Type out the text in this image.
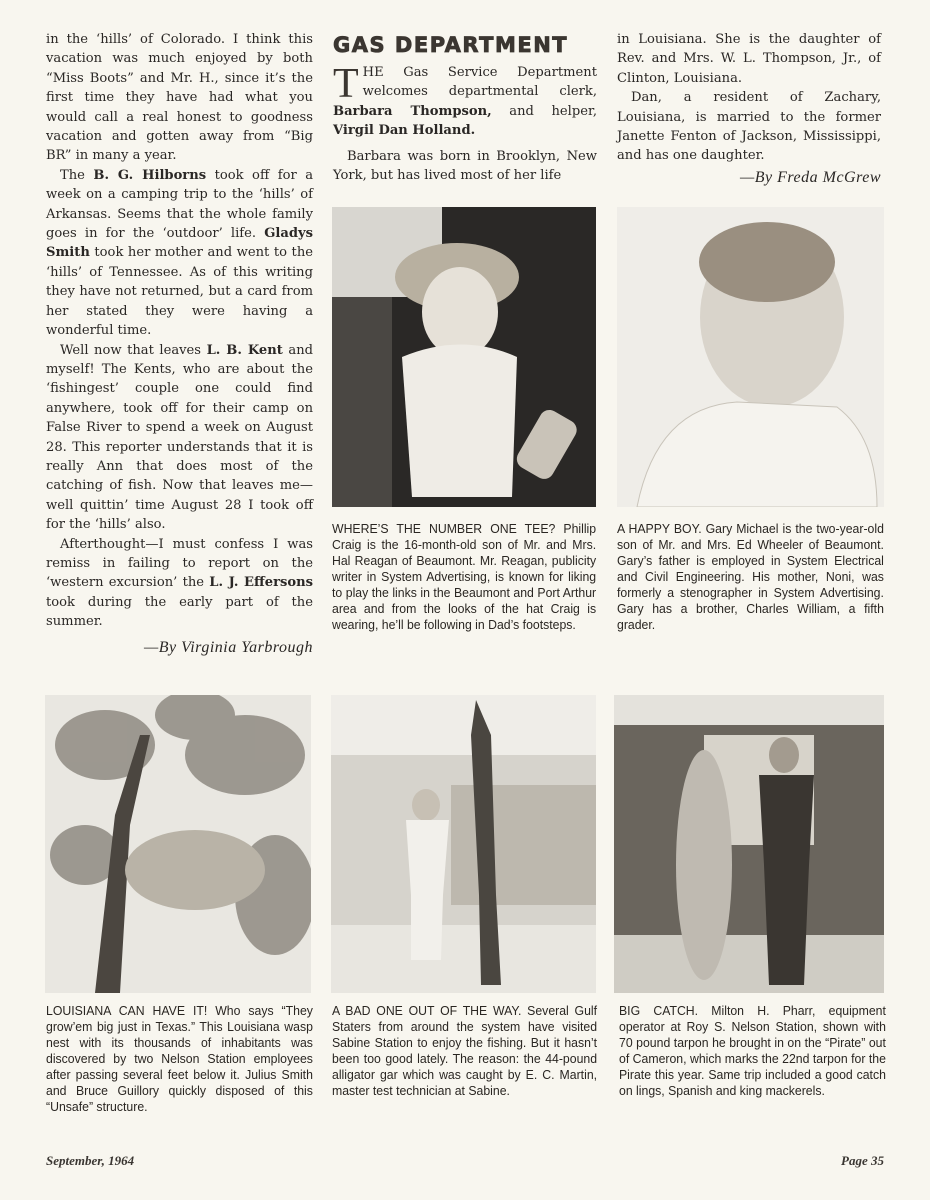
in the ‘hills’ of Colorado. I think this vacation was much enjoyed by both “Miss Boots” and Mr. H., since it’s the first time they have had what you would call a real honest to goodness vacation and gotten away from “Big BR” in many a year.

The B. G. Hilborns took off for a week on a camping trip to the ‘hills’ of Arkansas. Seems that the whole family goes in for the ‘outdoor’ life. Gladys Smith took her mother and went to the ‘hills’ of Tennessee. As of this writing they have not returned, but a card from her stated they were having a wonderful time.

Well now that leaves L. B. Kent and myself! The Kents, who are about the ‘fishingest’ couple one could find anywhere, took off for their camp on False River to spend a week on August 28. This reporter understands that it is really Ann that does most of the catching of fish. Now that leaves me—well quittin’ time August 28 I took off for the ‘hills’ also.

Afterthought—I must confess I was remiss in failing to report on the ‘western excursion’ the L. J. Effersons took during the early part of the summer.

—By Virginia Yarbrough
GAS DEPARTMENT

THE Gas Service Department welcomes departmental clerk, Barbara Thompson, and helper, Virgil Dan Holland.

Barbara was born in Brooklyn, New York, but has lived most of her life

in Louisiana. She is the daughter of Rev. and Mrs. W. L. Thompson, Jr., of Clinton, Louisiana.

Dan, a resident of Zachary, Louisiana, is married to the former Janette Fenton of Jackson, Mississippi, and has one daughter.

—By Freda McGrew
WHERE’S THE NUMBER ONE TEE? Phillip Craig is the 16-month-old son of Mr. and Mrs. Hal Reagan of Beaumont. Mr. Reagan, publicity writer in System Advertising, is known for liking to play the links in the Beaumont and Port Arthur area and from the looks of the hat Craig is wearing, he’ll be following in Dad’s footsteps.
A HAPPY BOY. Gary Michael is the two-year-old son of Mr. and Mrs. Ed Wheeler of Beaumont. Gary’s father is employed in System Electrical and Civil Engineering. His mother, Noni, was formerly a stenographer in System Advertising. Gary has a brother, Charles William, a fifth grader.
LOUISIANA CAN HAVE IT! Who says “They grow’em big just in Texas.” This Louisiana wasp nest with its thousands of inhabitants was discovered by two Nelson Station employees after passing several feet below it. Julius Smith and Bruce Guillory quickly disposed of this “Unsafe” structure.
A BAD ONE OUT OF THE WAY. Several Gulf Staters from around the system have visited Sabine Station to enjoy the fishing. But it hasn’t been too good lately. The reason: the 44-pound alligator gar which was caught by E. C. Martin, master test technician at Sabine.
BIG CATCH. Milton H. Pharr, equipment operator at Roy S. Nelson Station, shown with 70 pound tarpon he brought in on the “Pirate” out of Cameron, which marks the 22nd tarpon for the Pirate this year. Same trip included a good catch on lings, Spanish and king mackerels.
September, 1964	Page 35
